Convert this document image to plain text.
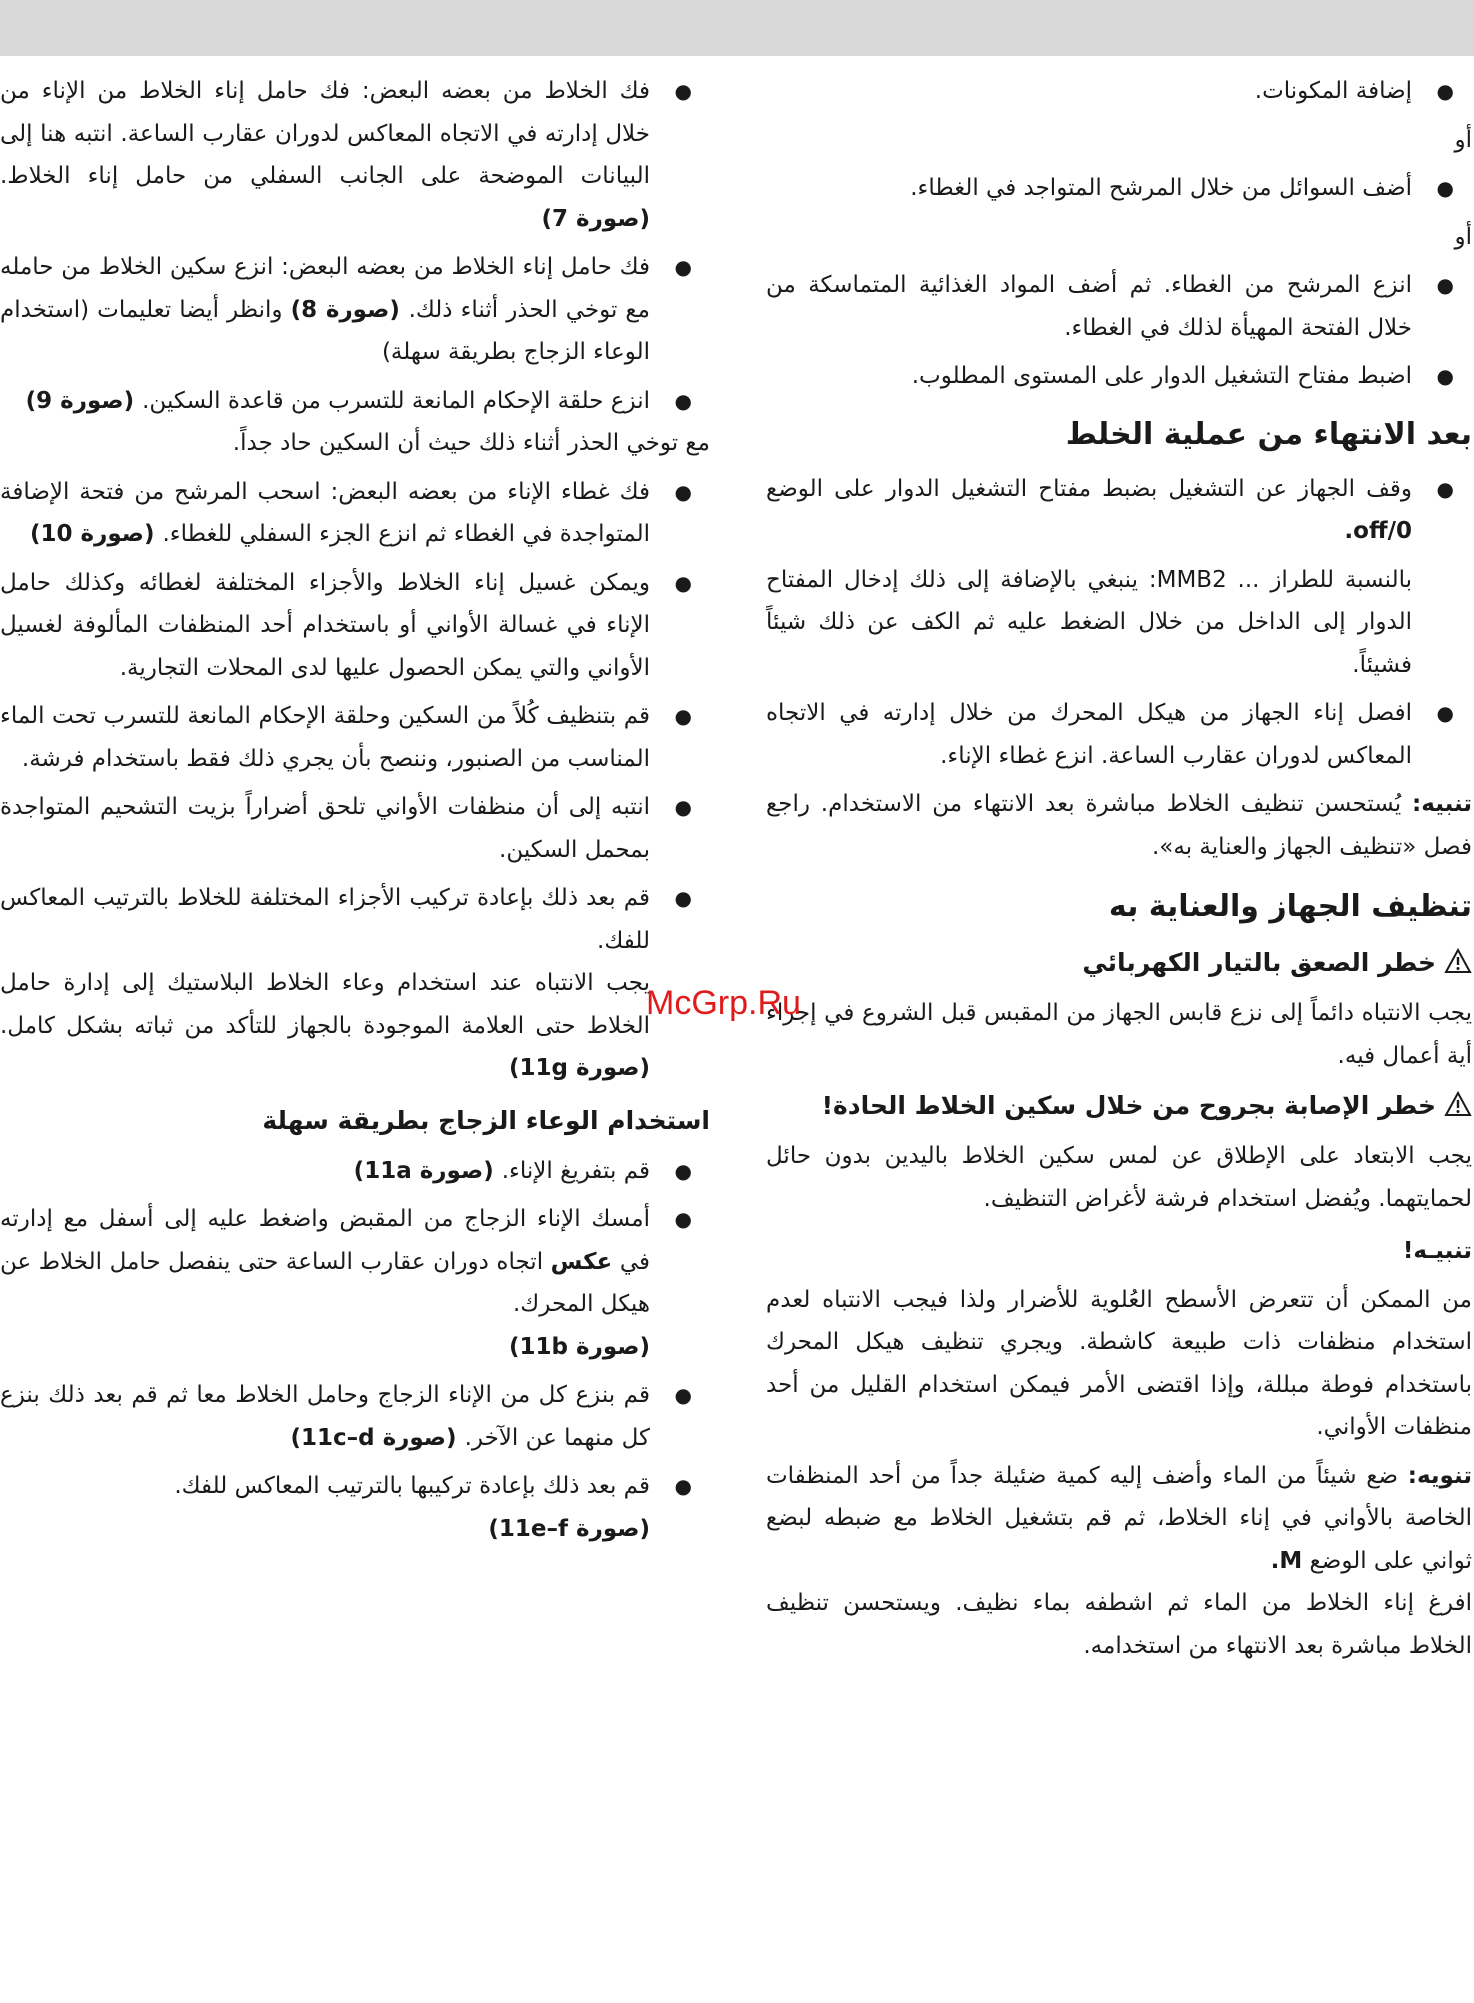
●
إضافة المكونات.
أو
●
أضف السوائل من خلال المرشح المتواجد في الغطاء.
أو
●
انزع المرشح من الغطاء. ثم أضف المواد الغذائية المتماسكة من خلال الفتحة المهيأة لذلك في الغطاء.
●
اضبط مفتاح التشغيل الدوار على المستوى المطلوب.
بعد الانتهاء من عملية الخلط
●
وقف الجهاز عن التشغيل بضبط مفتاح التشغيل الدوار على الوضع off/0.
بالنسبة للطراز ... MMB2: ينبغي بالإضافة إلى ذلك إدخال المفتاح الدوار إلى الداخل من خلال الضغط عليه ثم الكف عن ذلك شيئاً فشيئاً.
●
افصل إناء الجهاز من هيكل المحرك من خلال إدارته في الاتجاه المعاكس لدوران عقارب الساعة. انزع غطاء الإناء.
تنبيه: يُستحسن تنظيف الخلاط مباشرة بعد الانتهاء من الاستخدام. راجع فصل «تنظيف الجهاز والعناية به».
تنظيف الجهاز والعناية به
خطر الصعق بالتيار الكهربائي
يجب الانتباه دائماً إلى نزع قابس الجهاز من المقبس قبل الشروع في إجراء أية أعمال فيه.
خطر الإصابة بجروح من خلال سكين الخلاط الحادة!
يجب الابتعاد على الإطلاق عن لمس سكين الخلاط باليدين بدون حائل لحمايتهما. ويُفضل استخدام فرشة لأغراض التنظيف.
تنبيـه!
من الممكن أن تتعرض الأسطح العُلوية للأضرار ولذا فيجب الانتباه لعدم استخدام منظفات ذات طبيعة كاشطة. ويجري تنظيف هيكل المحرك باستخدام فوطة مبللة، وإذا اقتضى الأمر فيمكن استخدام القليل من أحد منظفات الأواني.
تنويه: ضع شيئاً من الماء وأضف إليه كمية ضئيلة جداً من أحد المنظفات الخاصة بالأواني في إناء الخلاط، ثم قم بتشغيل الخلاط مع ضبطه لبضع ثواني على الوضع M.
افرغ إناء الخلاط من الماء ثم اشطفه بماء نظيف. ويستحسن تنظيف الخلاط مباشرة بعد الانتهاء من استخدامه.
●
فك الخلاط من بعضه البعض: فك حامل إناء الخلاط من الإناء من خلال إدارته في الاتجاه المعاكس لدوران عقارب الساعة. انتبه هنا إلى البيانات الموضحة على الجانب السفلي من حامل إناء الخلاط. (صورة 7)
●
فك حامل إناء الخلاط من بعضه البعض: انزع سكين الخلاط من حامله مع توخي الحذر أثناء ذلك. (صورة 8) وانظر أيضا تعليمات (استخدام الوعاء الزجاج بطريقة سهلة)
●
انزع حلقة الإحكام المانعة للتسرب من قاعدة السكين. (صورة 9)
مع توخي الحذر أثناء ذلك حيث أن السكين حاد جداً.
●
فك غطاء الإناء من بعضه البعض: اسحب المرشح من فتحة الإضافة المتواجدة في الغطاء ثم انزع الجزء السفلي للغطاء. (صورة 10)
●
ويمكن غسيل إناء الخلاط والأجزاء المختلفة لغطائه وكذلك حامل الإناء في غسالة الأواني أو باستخدام أحد المنظفات المألوفة لغسيل الأواني والتي يمكن الحصول عليها لدى المحلات التجارية.
●
قم بتنظيف كُلاً من السكين وحلقة الإحكام المانعة للتسرب تحت الماء المناسب من الصنبور، وننصح بأن يجري ذلك فقط باستخدام فرشة.
●
انتبه إلى أن منظفات الأواني تلحق أضراراً بزيت التشحيم المتواجدة بمحمل السكين.
●
قم بعد ذلك بإعادة تركيب الأجزاء المختلفة للخلاط بالترتيب المعاكس للفك.
يجب الانتباه عند استخدام وعاء الخلاط البلاستيك إلى إدارة حامل الخلاط حتى العلامة الموجودة بالجهاز للتأكد من ثباته بشكل كامل. (صورة 11g)
استخدام الوعاء الزجاج بطريقة سهلة
●
قم بتفريغ الإناء. (صورة 11a)
●
أمسك الإناء الزجاج من المقبض واضغط عليه إلى أسفل مع إدارته في عكس اتجاه دوران عقارب الساعة حتى ينفصل حامل الخلاط عن هيكل المحرك.
(صورة 11b)
●
قم بنزع كل من الإناء الزجاج وحامل الخلاط معا ثم قم بعد ذلك بنزع كل منهما عن الآخر. (صورة 11c–d)
●
قم بعد ذلك بإعادة تركيبها بالترتيب المعاكس للفك.
(صورة 11e–f)
McGrp.Ru
